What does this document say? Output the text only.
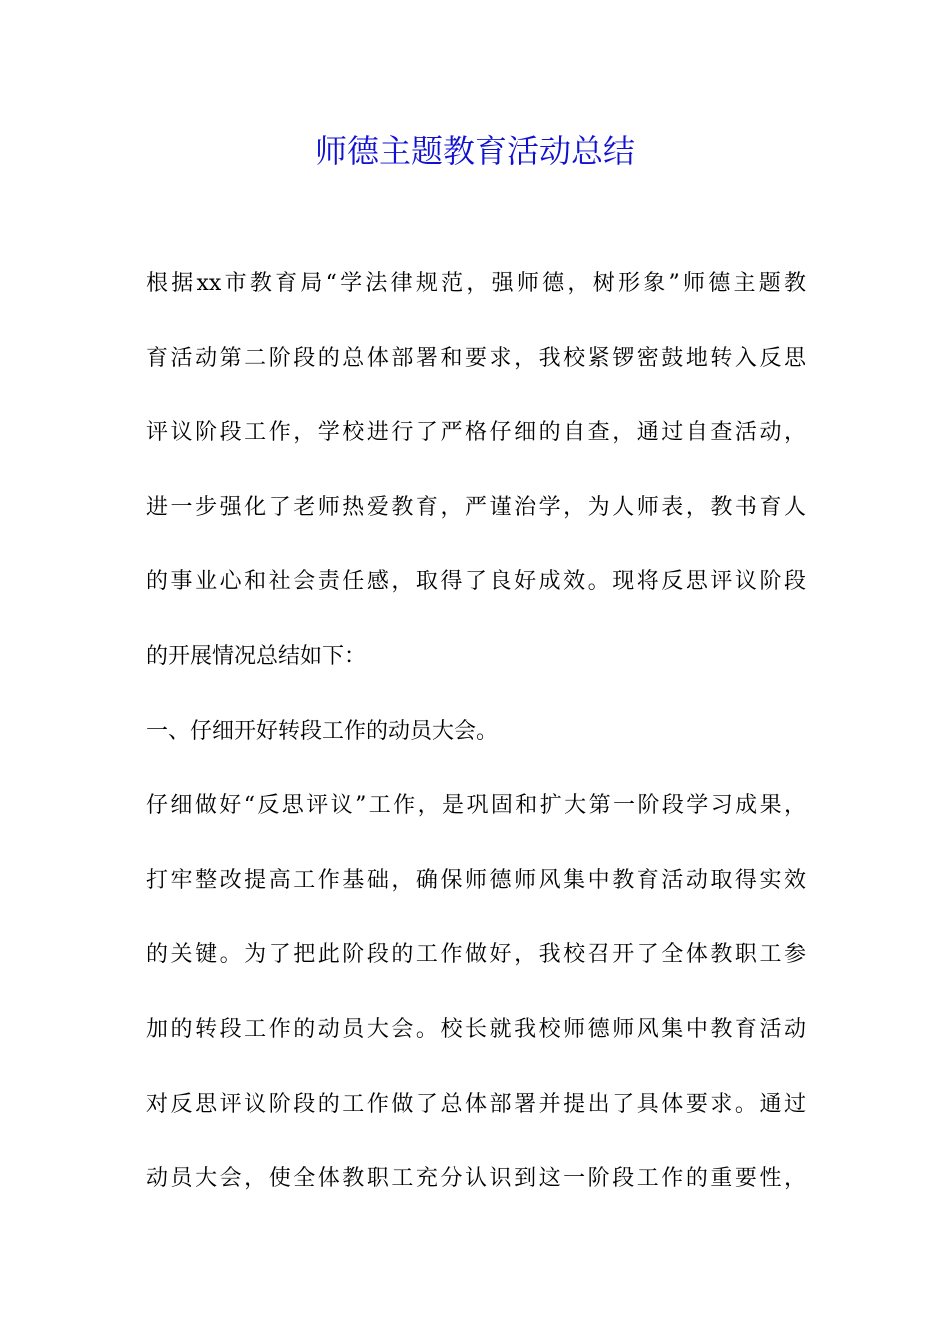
师德主题教育活动总结
根据xx市教育局“学法律规范，强师德，树形象”师德主题教
育活动第二阶段的总体部署和要求，我校紧锣密鼓地转入反思
评议阶段工作，学校进行了严格仔细的自查，通过自查活动，
进一步强化了老师热爱教育，严谨治学，为人师表，教书育人
的事业心和社会责任感，取得了良好成效。现将反思评议阶段
的开展情况总结如下：
一、仔细开好转段工作的动员大会。
仔细做好“反思评议”工作，是巩固和扩大第一阶段学习成果，
打牢整改提高工作基础，确保师德师风集中教育活动取得实效
的关键。为了把此阶段的工作做好，我校召开了全体教职工参
加的转段工作的动员大会。校长就我校师德师风集中教育活动
对反思评议阶段的工作做了总体部署并提出了具体要求。通过
动员大会，使全体教职工充分认识到这一阶段工作的重要性，
